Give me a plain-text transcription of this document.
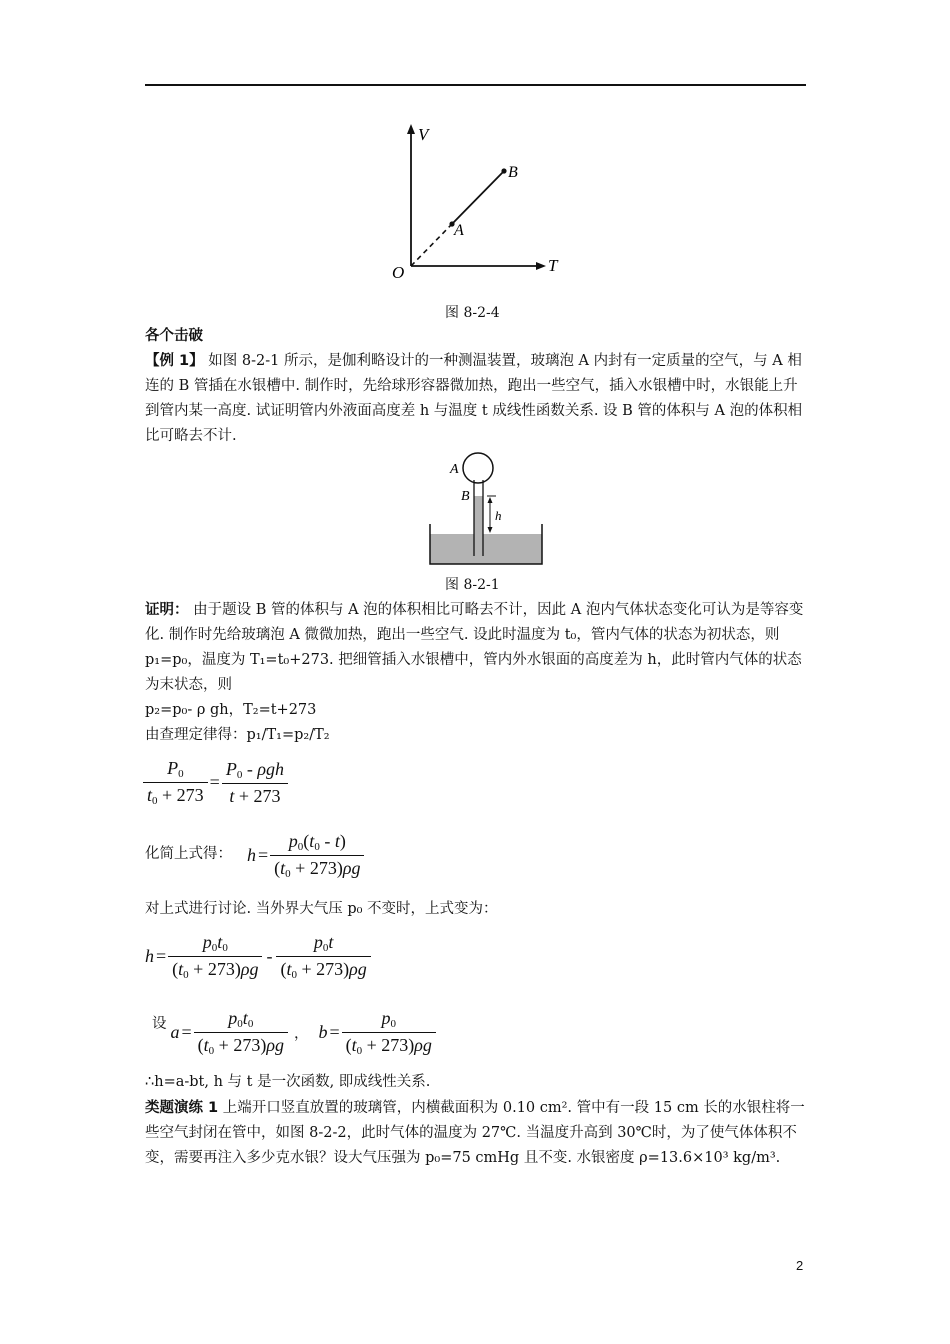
V
T
O
A
B
图 8-2-4
各个击破
【例 1】 如图 8-2-1 所示，是伽利略设计的一种测温装置，玻璃泡 A 内封有一定质量的空气，与 A 相连的 B 管插在水银槽中. 制作时，先给球形容器微加热，跑出一些空气，插入水银槽中时，水银能上升到管内某一高度. 试证明管内外液面高度差 h 与温度 t 成线性函数关系. 设 B 管的体积与 A 泡的体积相比可略去不计.
A
B
h
图 8-2-1
证明： 由于题设 B 管的体积与 A 泡的体积相比可略去不计，因此 A 泡内气体状态变化可认为是等容变化. 制作时先给玻璃泡 A 微微加热，跑出一些空气. 设此时温度为 t₀，管内气体的状态为初状态，则 p₁=p₀，温度为 T₁=t₀+273. 把细管插入水银槽中，管内外水银面的高度差为 h，此时管内气体的状态为末状态，则
p₂=p₀- ρ gh，T₂=t+273
由查理定律得：p₁/T₁=p₂/T₂
$\frac{P_0}{t_0 + 273} = \frac{P_0 - \rho gh}{t + 273}$
化简上式得： $h = \frac{p_0(t_0 - t)}{(t_0 + 273)\rho g}$
对上式进行讨论. 当外界大气压 p₀ 不变时，上式变为：
$h = \frac{p_0t_0}{(t_0 + 273)\rho g} - \frac{p_0t}{(t_0 + 273)\rho g}$
设 $a = \frac{p_0t_0}{(t_0 + 273)\rho g}$ ， $b = \frac{p_0}{(t_0 + 273)\rho g}$
∴h=a-bt, h 与 t 是一次函数, 即成线性关系.
类题演练 1 上端开口竖直放置的玻璃管，内横截面积为 0.10 cm². 管中有一段 15 cm 长的水银柱将一些空气封闭在管中，如图 8-2-2，此时气体的温度为 27℃. 当温度升高到 30℃时，为了使气体体积不变，需要再注入多少克水银？设大气压强为 p₀=75 cmHg 且不变. 水银密度 ρ=13.6×10³ kg/m³.
2
